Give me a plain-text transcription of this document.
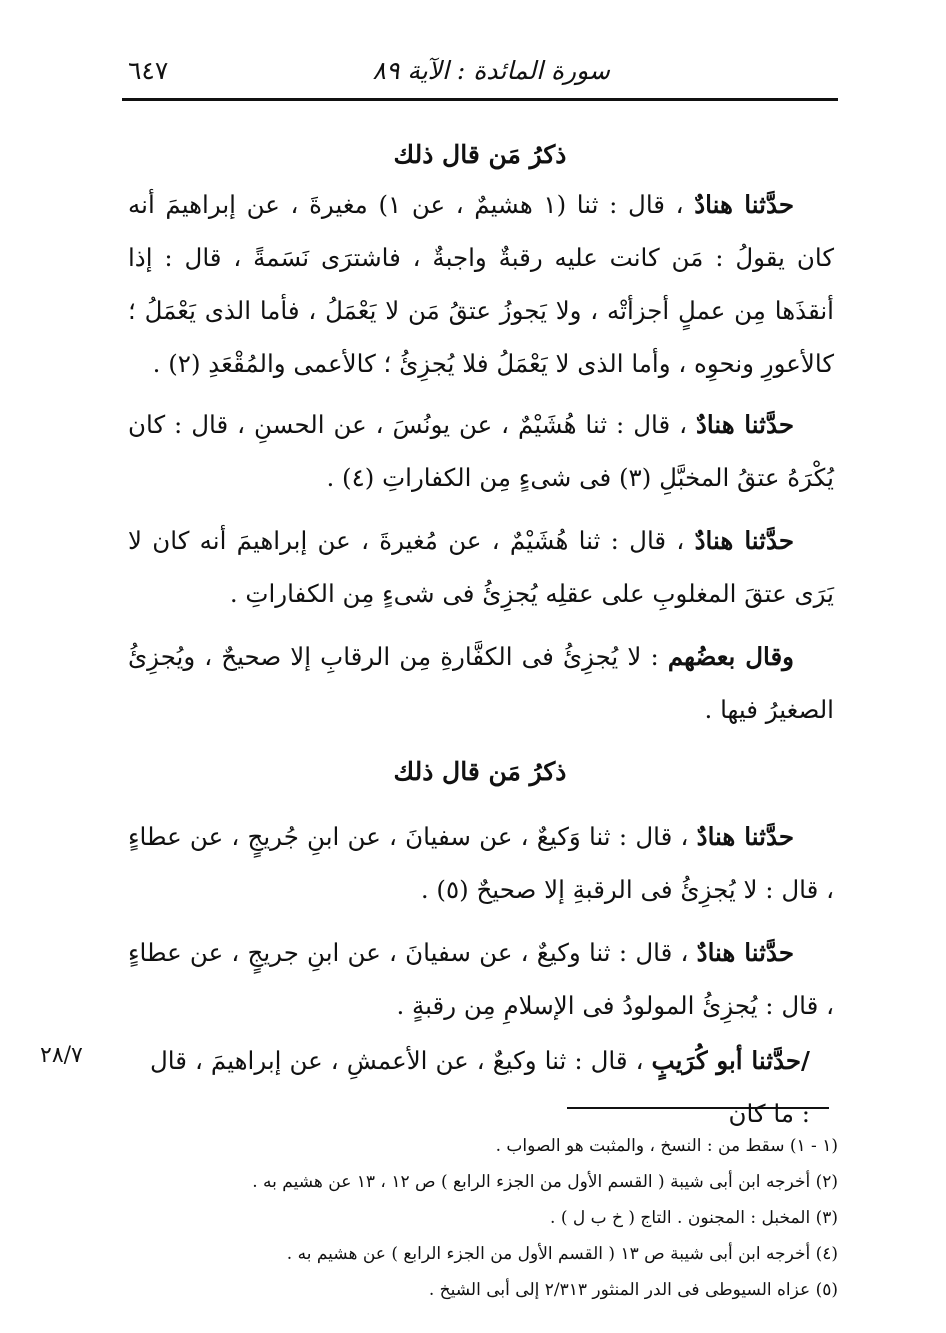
سورة المائدة : الآية ٨٩
٦٤٧
ذكرُ مَن قال ذلك

حدَّثنا هنادٌ ، قال : ثنا (١ هشيمٌ ، عن ١) مغيرةَ ، عن إبراهيمَ أنه كان يقولُ : مَن كانت عليه رقبةٌ واجبةٌ ، فاشترَى نَسَمةً ، قال : إذا أنقذَها مِن عملٍ أجزأتْه ، ولا يَجوزُ عتقُ مَن لا يَعْمَلُ ، فأما الذى يَعْمَلُ ؛ كالأعورِ ونحوِه ، وأما الذى لا يَعْمَلُ فلا يُجزِئُ ؛ كالأعمى والمُقْعَدِ (٢) .

حدَّثنا هنادٌ ، قال : ثنا هُشَيْمٌ ، عن يونُسَ ، عن الحسنِ ، قال : كان يُكْرَهُ عتقُ المخبَّلِ (٣) فى شىءٍ مِن الكفاراتِ (٤) .

حدَّثنا هنادٌ ، قال : ثنا هُشَيْمٌ ، عن مُغيرةَ ، عن إبراهيمَ أنه كان لا يَرَى عتقَ المغلوبِ على عقلِه يُجزِئُ فى شىءٍ مِن الكفاراتِ .

وقال بعضُهم : لا يُجزِئُ فى الكفَّارةِ مِن الرقابِ إلا صحيحٌ ، ويُجزِئُ الصغيرُ فيها .

ذكرُ مَن قال ذلك

حدَّثنا هنادٌ ، قال : ثنا وَكيعٌ ، عن سفيانَ ، عن ابنِ جُريجٍ ، عن عطاءٍ ، قال : لا يُجزِئُ فى الرقبةِ إلا صحيحٌ (٥) .

حدَّثنا هنادٌ ، قال : ثنا وكيعٌ ، عن سفيانَ ، عن ابنِ جريجٍ ، عن عطاءٍ ، قال : يُجزِئُ المولودُ فى الإسلامِ مِن رقبةٍ .

/حدَّثنا أبو كُرَيبٍ ، قال : ثنا وكيعٌ ، عن الأعمشِ ، عن إبراهيمَ ، قال : ما كان

٢٨/٧
(١ - ١) سقط من : النسخ ، والمثبت هو الصواب .
(٢) أخرجه ابن أبى شيبة ( القسم الأول من الجزء الرابع ) ص ١٢ ، ١٣ عن هشيم به .
(٣) المخبل : المجنون . التاج ( خ ب ل ) .
(٤) أخرجه ابن أبى شيبة ص ١٣ ( القسم الأول من الجزء الرابع ) عن هشيم به .
(٥) عزاه السيوطى فى الدر المنثور ٢/٣١٣ إلى أبى الشيخ .
